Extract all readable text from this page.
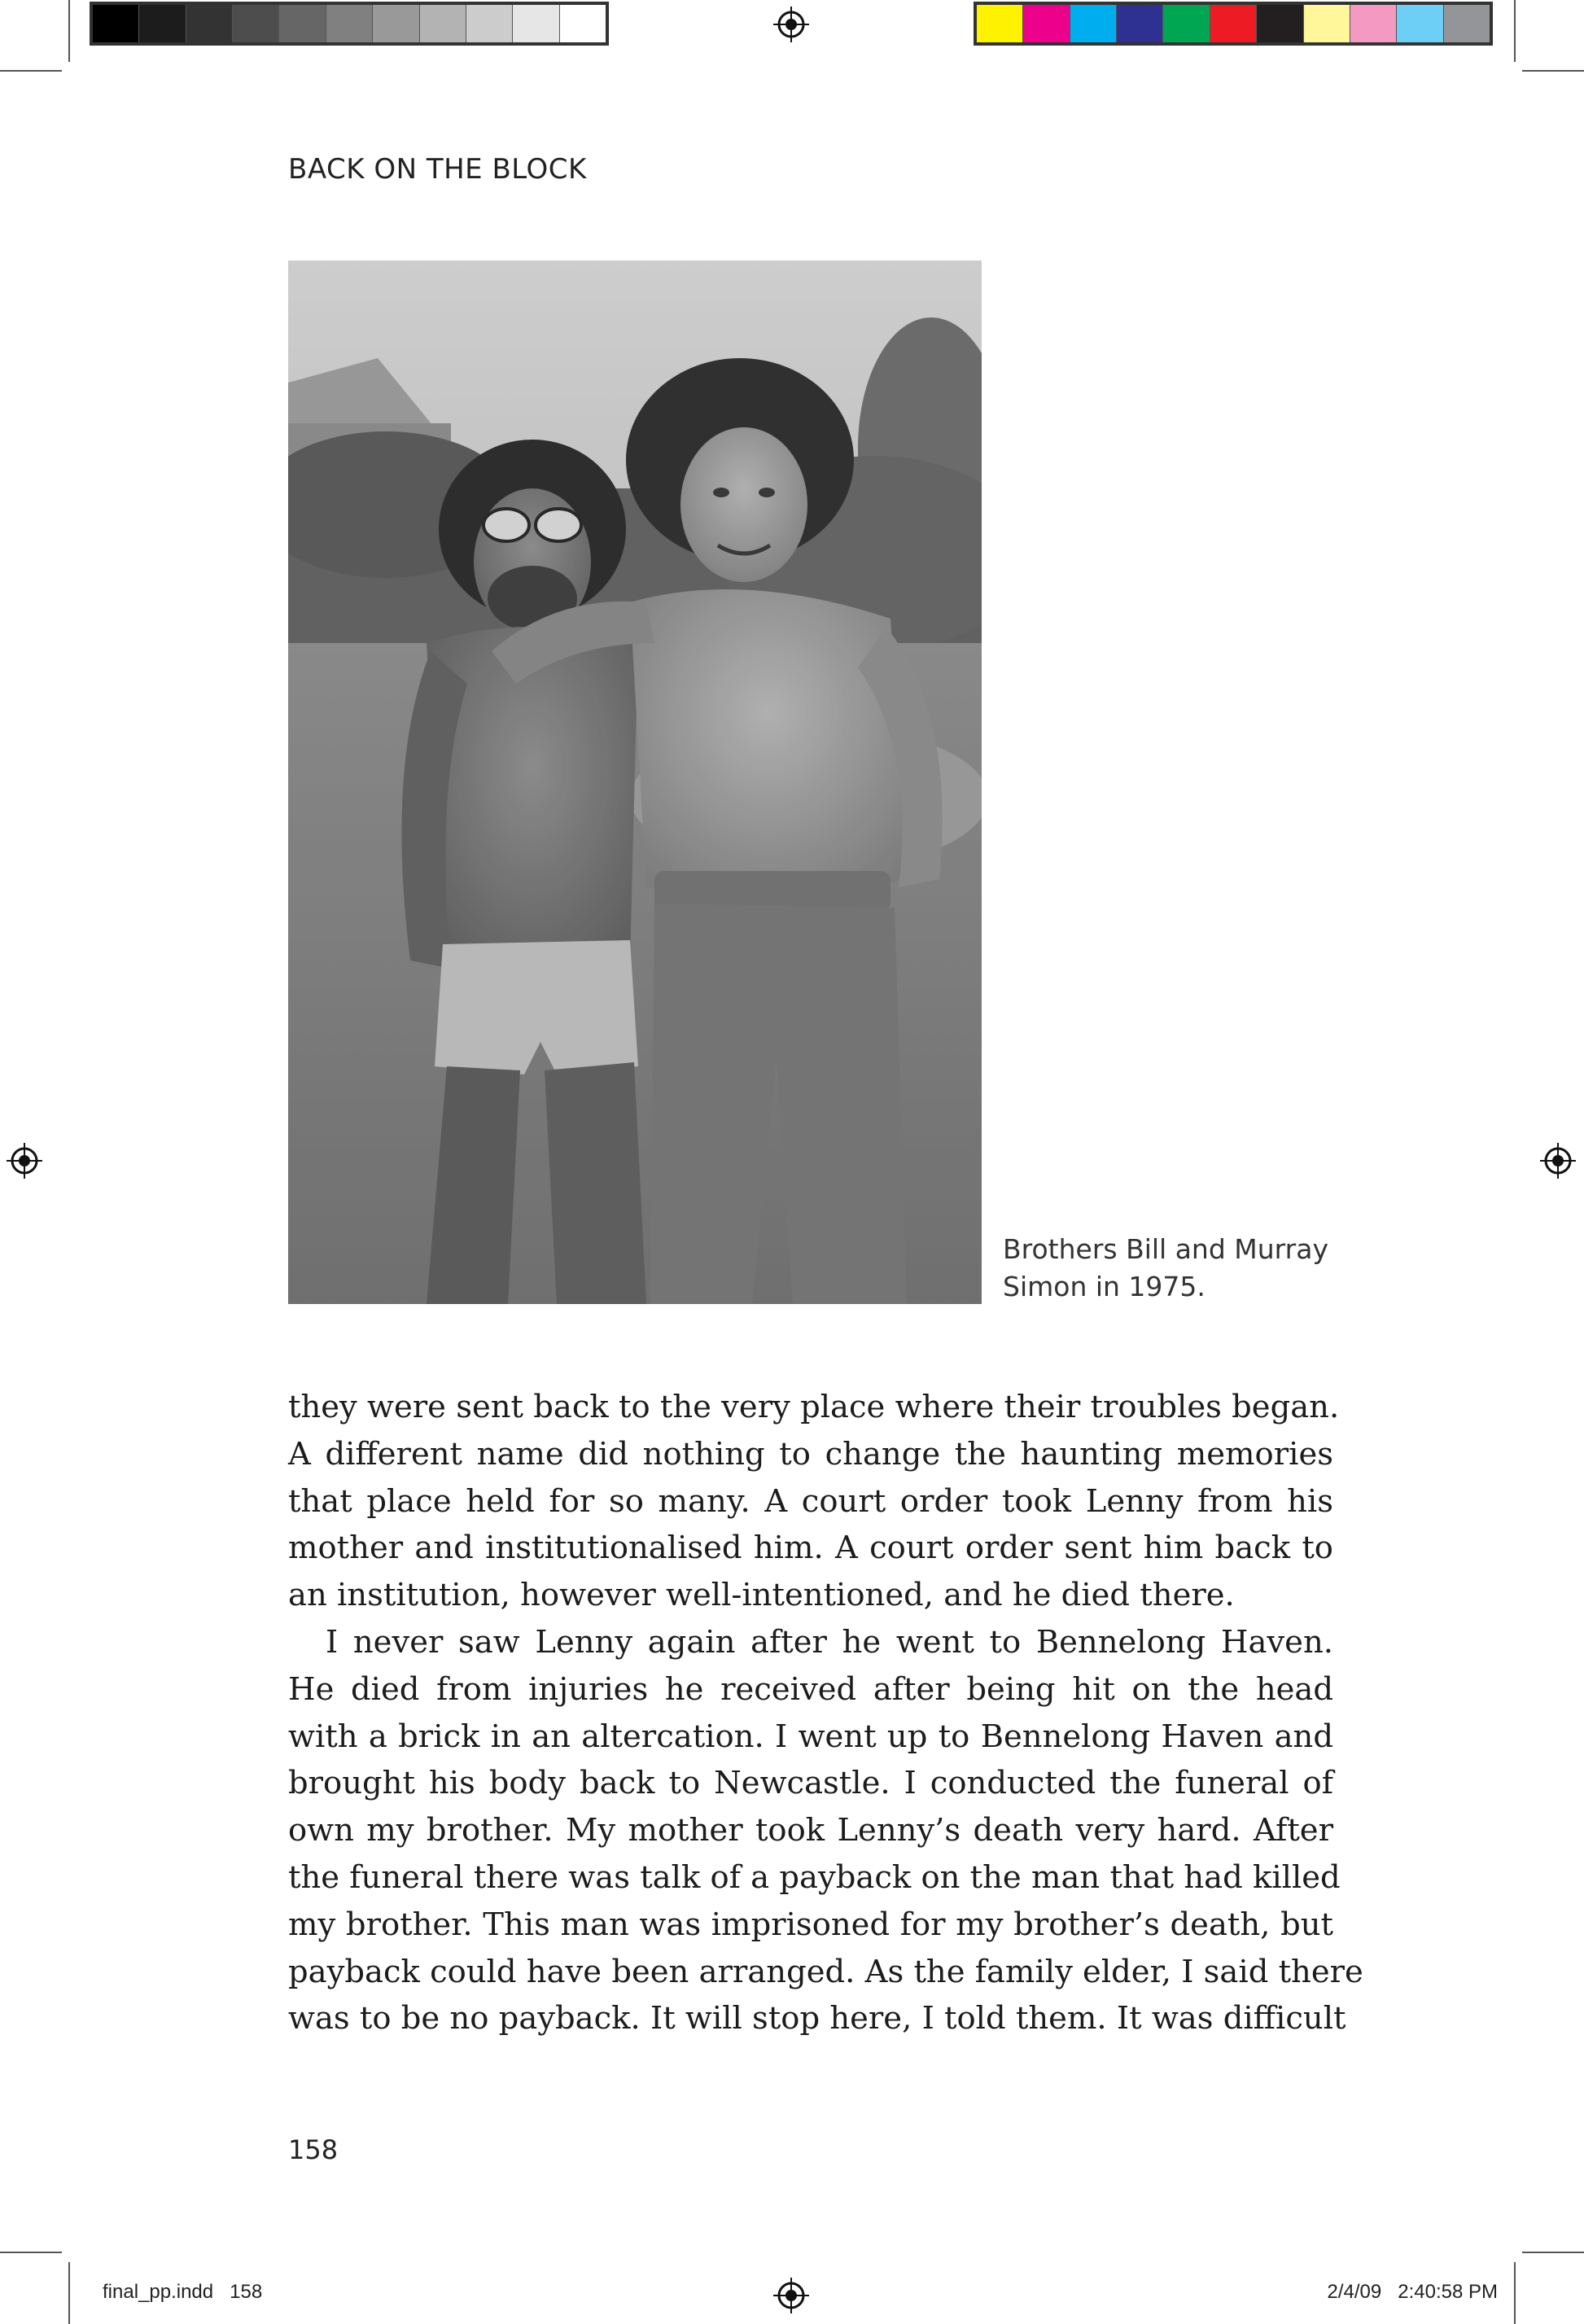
BACK ON THE BLOCK

Brothers Bill and Murray
Simon in 1975.

they were sent back to the very place where their troubles began.
A different name did nothing to change the haunting memories
that place held for so many. A court order took Lenny from his
mother and institutionalised him. A court order sent him back to
an institution, however well-intentioned, and he died there.
I never saw Lenny again after he went to Bennelong Haven.
He died from injuries he received after being hit on the head
with a brick in an altercation. I went up to Bennelong Haven and
brought his body back to Newcastle. I conducted the funeral of
own my brother. My mother took Lenny’s death very hard. After
the funeral there was talk of a payback on the man that had killed
my brother. This man was imprisoned for my brother’s death, but
payback could have been arranged. As the family elder, I said there
was to be no payback. It will stop here, I told them. It was difficult

158

final_pp.indd   158	2/4/09   2:40:58 PM
